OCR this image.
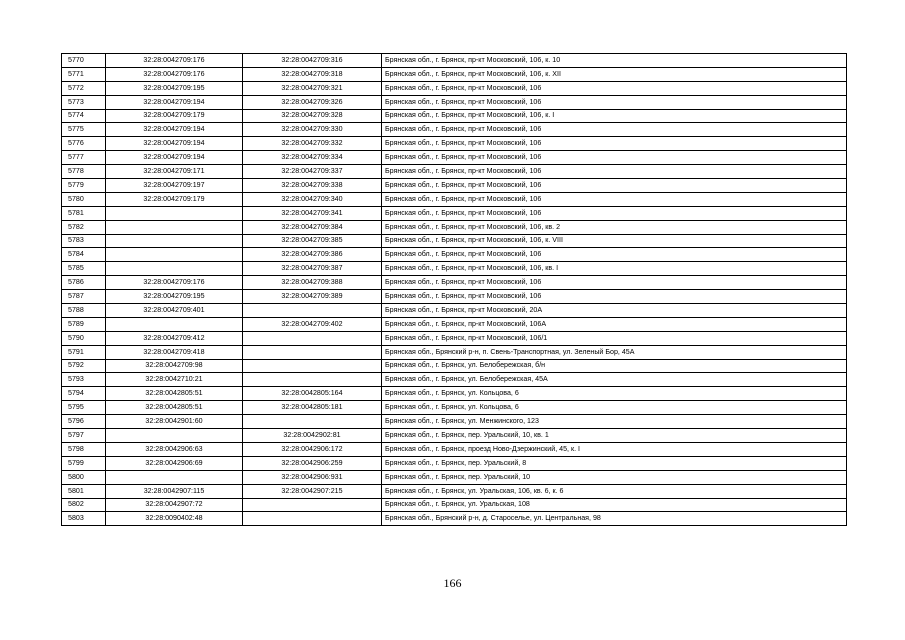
5770	32:28:0042709:176	32:28:0042709:316	Брянская обл., г. Брянск, пр-кт Московский, 106, к. 10
5771	32:28:0042709:176	32:28:0042709:318	Брянская обл., г. Брянск, пр-кт Московский, 106, к. XII
5772	32:28:0042709:195	32:28:0042709:321	Брянская обл., г. Брянск, пр-кт Московский, 106
5773	32:28:0042709:194	32:28:0042709:326	Брянская обл., г. Брянск, пр-кт Московский, 106
5774	32:28:0042709:179	32:28:0042709:328	Брянская обл., г. Брянск, пр-кт Московский, 106, к. I
5775	32:28:0042709:194	32:28:0042709:330	Брянская обл., г. Брянск, пр-кт Московский, 106
5776	32:28:0042709:194	32:28:0042709:332	Брянская обл., г. Брянск, пр-кт Московский, 106
5777	32:28:0042709:194	32:28:0042709:334	Брянская обл., г. Брянск, пр-кт Московский, 106
5778	32:28:0042709:171	32:28:0042709:337	Брянская обл., г. Брянск, пр-кт Московский, 106
5779	32:28:0042709:197	32:28:0042709:338	Брянская обл., г. Брянск, пр-кт Московский, 106
5780	32:28:0042709:179	32:28:0042709:340	Брянская обл., г. Брянск, пр-кт Московский, 106
5781		32:28:0042709:341	Брянская обл., г. Брянск, пр-кт Московский, 106
5782		32:28:0042709:384	Брянская обл., г. Брянск, пр-кт Московский, 106, кв. 2
5783		32:28:0042709:385	Брянская обл., г. Брянск, пр-кт Московский, 106, к. VIII
5784		32:28:0042709:386	Брянская обл., г. Брянск, пр-кт Московский, 106
5785		32:28:0042709:387	Брянская обл., г. Брянск, пр-кт Московский, 106, кв. I
5786	32:28:0042709:176	32:28:0042709:388	Брянская обл., г. Брянск, пр-кт Московский, 106
5787	32:28:0042709:195	32:28:0042709:389	Брянская обл., г. Брянск, пр-кт Московский, 106
5788	32:28:0042709:401		Брянская обл., г. Брянск, пр-кт Московский, 20А
5789		32:28:0042709:402	Брянская обл., г. Брянск, пр-кт Московский, 106А
5790	32:28:0042709:412		Брянская обл., г. Брянск, пр-кт Московский, 106/1
5791	32:28:0042709:418		Брянская обл., Брянский р-н, п. Свень-Транспортная, ул. Зеленый Бор, 45А
5792	32:28:0042709:98		Брянская обл., г. Брянск, ул. Белобережская, б/н
5793	32:28:0042710:21		Брянская обл., г. Брянск, ул. Белобережская, 45А
5794	32:28:0042805:51	32:28:0042805:164	Брянская обл., г. Брянск, ул. Кольцова, 6
5795	32:28:0042805:51	32:28:0042805:181	Брянская обл., г. Брянск, ул. Кольцова, 6
5796	32:28:0042901:60		Брянская обл., г. Брянск, ул. Менжинского, 123
5797		32:28:0042902:81	Брянская обл., г. Брянск, пер. Уральский, 10, кв. 1
5798	32:28:0042906:63	32:28:0042906:172	Брянская обл., г. Брянск, проезд Ново-Дзержинский, 45, к. I
5799	32:28:0042906:69	32:28:0042906:259	Брянская обл., г. Брянск, пер. Уральский, 8
5800		32:28:0042906:931	Брянская обл., г. Брянск, пер. Уральский, 10
5801	32:28:0042907:115	32:28:0042907:215	Брянская обл., г. Брянск, ул. Уральская, 106, кв. 6, к. 6
5802	32:28:0042907:72		Брянская обл., г. Брянск, ул. Уральская, 108
5803	32:28:0090402:48		Брянская обл., Брянский р-н, д. Староселье, ул. Центральная, 98
166
